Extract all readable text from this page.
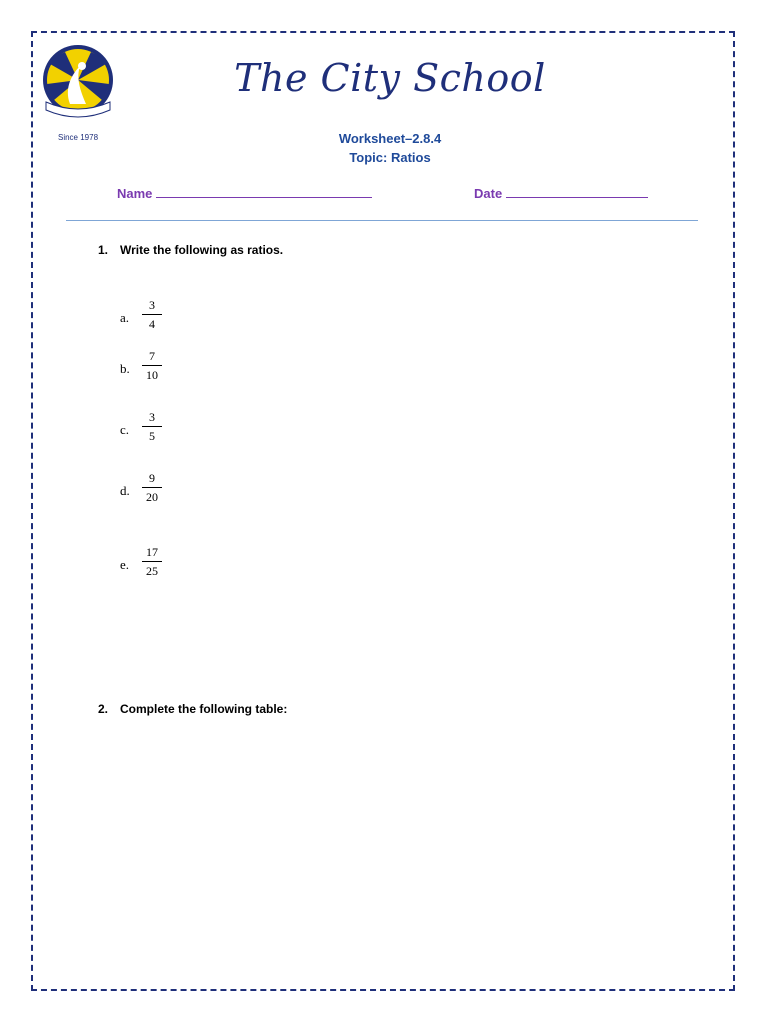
Since 1978
The City School
Worksheet–2.8.4
Topic: Ratios
Name	Date
1. Write the following as ratios.
a.
3
4
b.
7
10
c.
3
5
d.
9
20
e.
17
25
2. Complete the following table:
